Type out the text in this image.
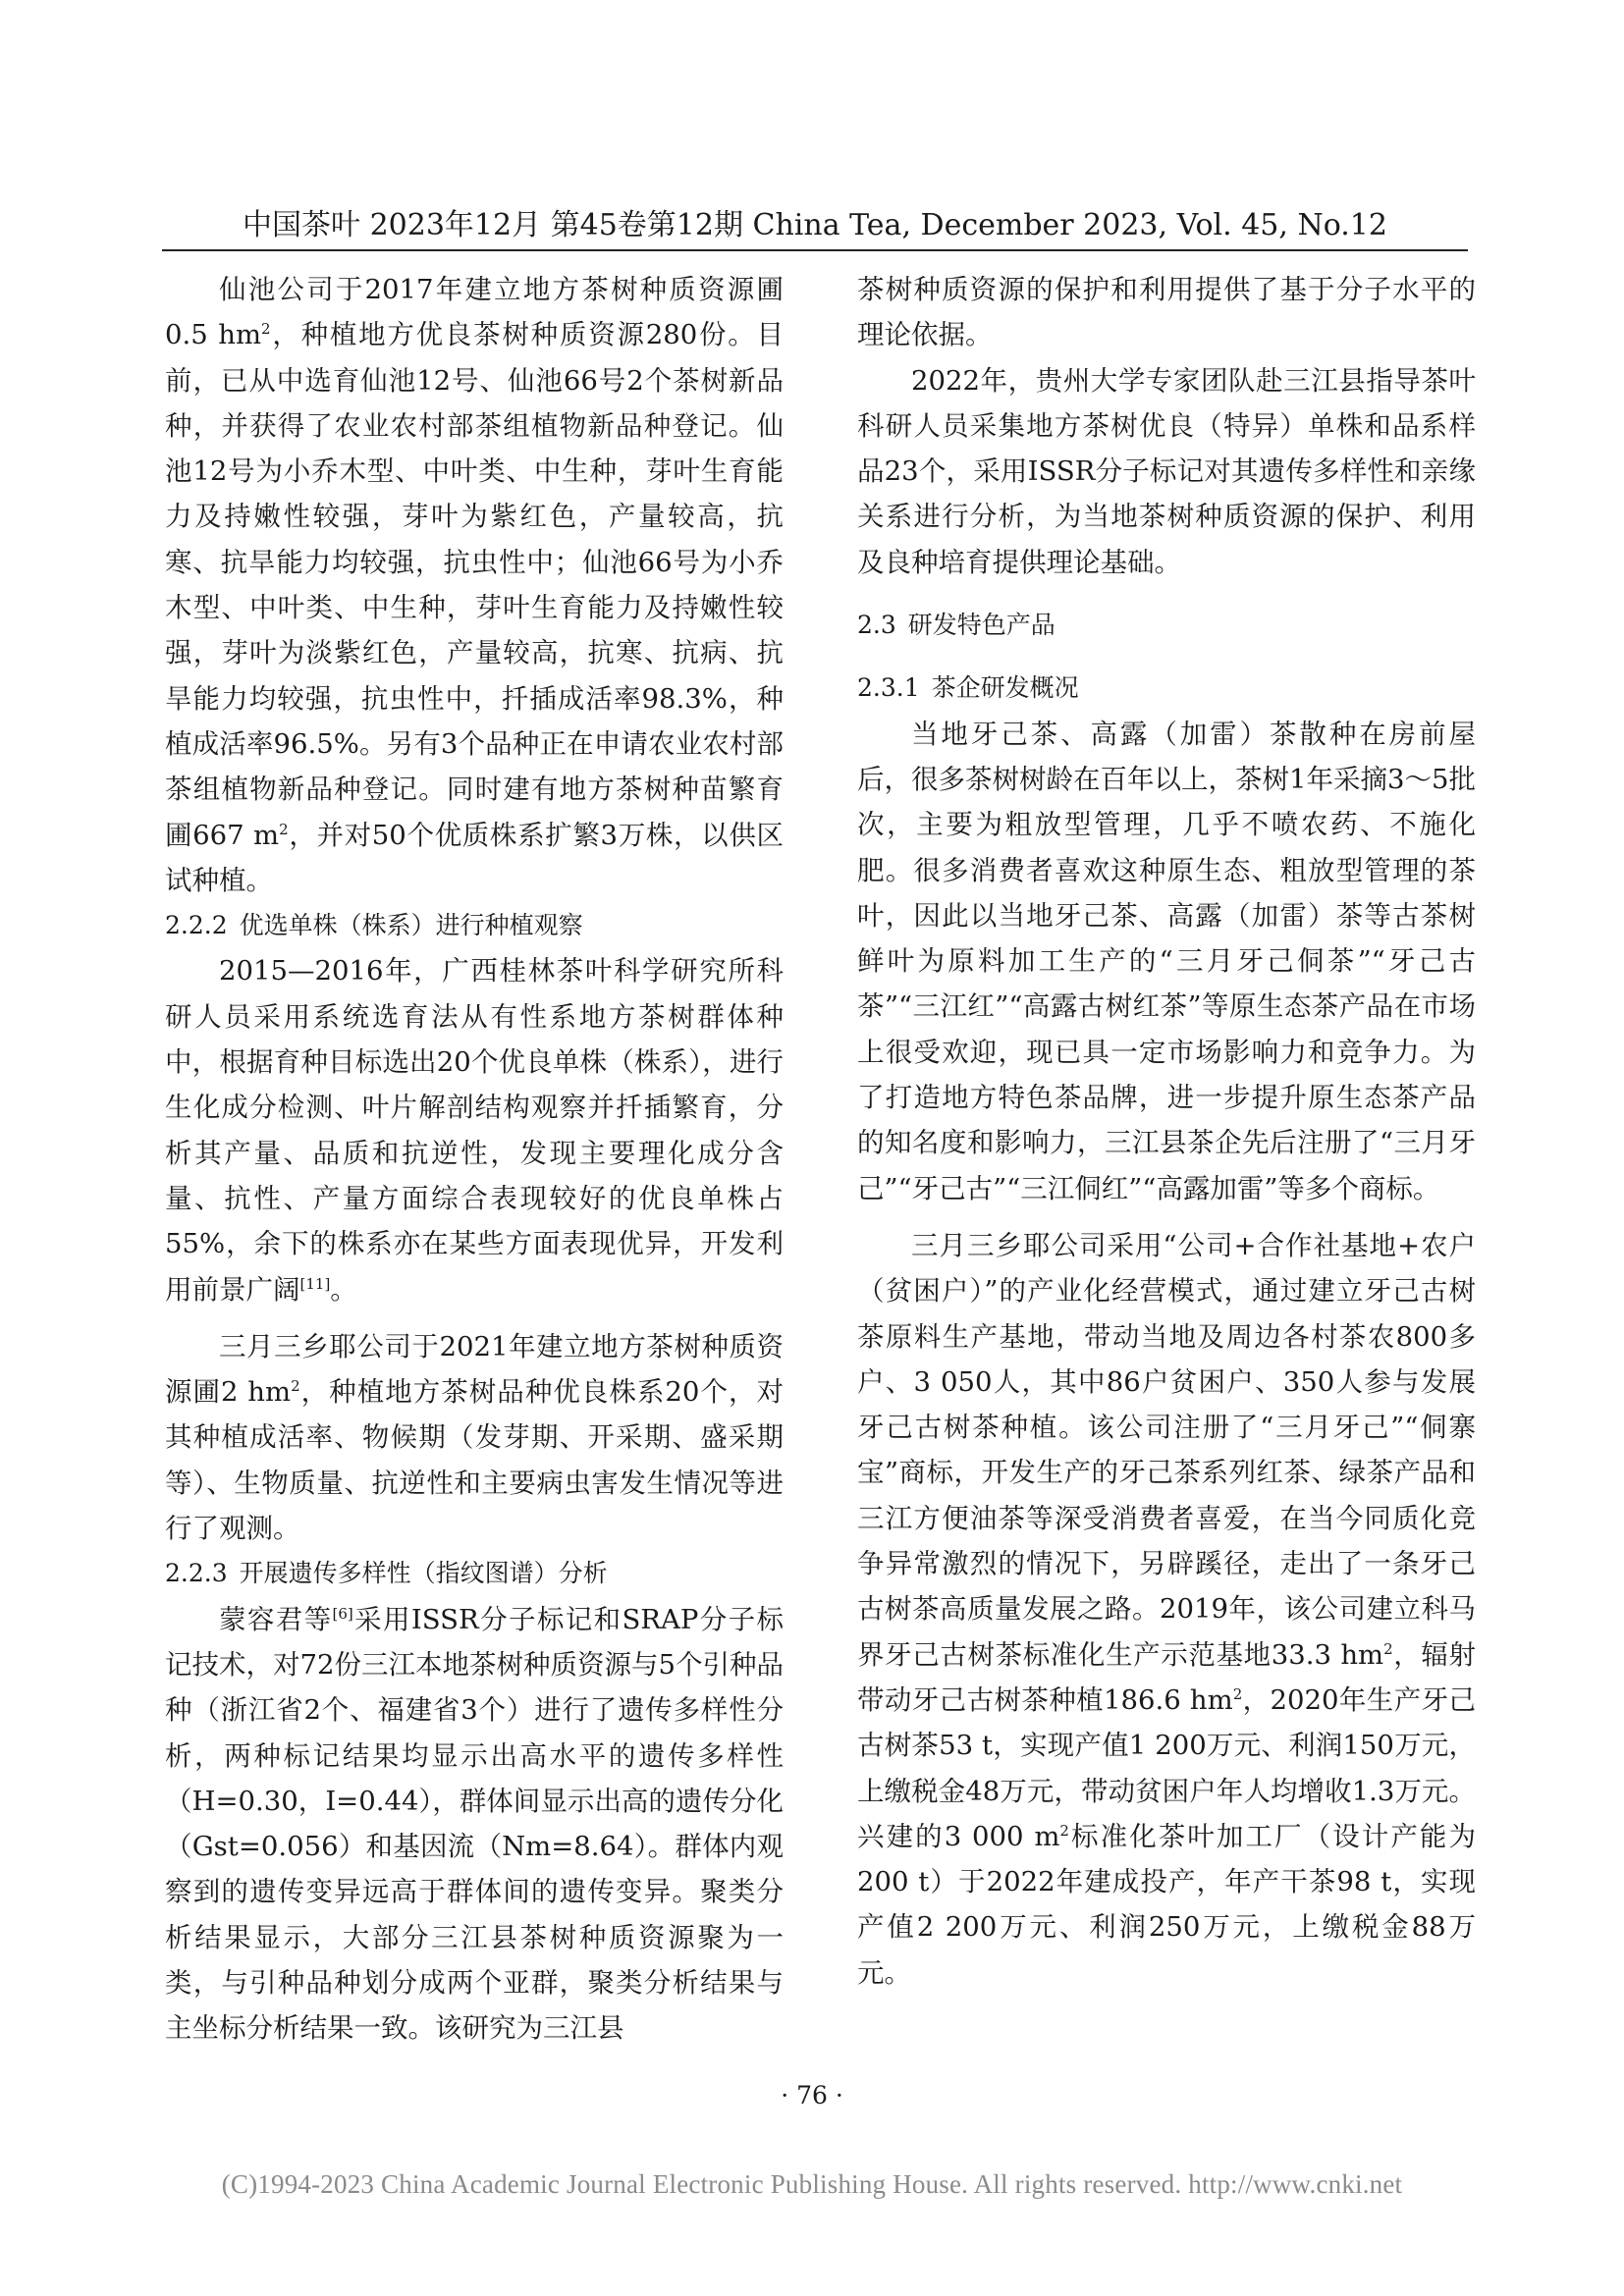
中国茶叶 2023年12月 第45卷第12期 China Tea, December 2023, Vol. 45, No.12

仙池公司于2017年建立地方茶树种质资源圃0.5 $hm^2$，种植地方优良茶树种质资源280份。目前，已从中选育仙池12号、仙池66号2个茶树新品种，并获得了农业农村部茶组植物新品种登记。仙池12号为小乔木型、中叶类、中生种，芽叶生育能力及持嫩性较强，芽叶为紫红色，产量较高，抗寒、抗旱能力均较强，抗虫性中；仙池66号为小乔木型、中叶类、中生种，芽叶生育能力及持嫩性较强，芽叶为淡紫红色，产量较高，抗寒、抗病、抗旱能力均较强，抗虫性中，扦插成活率98.3%，种植成活率96.5%。另有3个品种正在申请农业农村部茶组植物新品种登记。同时建有地方茶树种苗繁育圃667 $m^2$，并对50个优质株系扩繁3万株，以供区试种植。

2.2.2 优选单株（株系）进行种植观察

2015—2016年，广西桂林茶叶科学研究所科研人员采用系统选育法从有性系地方茶树群体种中，根据育种目标选出20个优良单株（株系），进行生化成分检测、叶片解剖结构观察并扦插繁育，分析其产量、品质和抗逆性，发现主要理化成分含量、抗性、产量方面综合表现较好的优良单株占55%，余下的株系亦在某些方面表现优异，开发利用前景广阔[11]。

三月三乡耶公司于2021年建立地方茶树种质资源圃2 $hm^2$，种植地方茶树品种优良株系20个，对其种植成活率、物候期（发芽期、开采期、盛采期等）、生物质量、抗逆性和主要病虫害发生情况等进行了观测。

2.2.3 开展遗传多样性（指纹图谱）分析

蒙容君等[6]采用ISSR分子标记和SRAP分子标记技术，对72份三江本地茶树种质资源与5个引种品种（浙江省2个、福建省3个）进行了遗传多样性分析，两种标记结果均显示出高水平的遗传多样性（H=0.30，I=0.44），群体间显示出高的遗传分化（Gst=0.056）和基因流（Nm=8.64）。群体内观察到的遗传变异远高于群体间的遗传变异。聚类分析结果显示，大部分三江县茶树种质资源聚为一类，与引种品种划分成两个亚群，聚类分析结果与主坐标分析结果一致。该研究为三江县

茶树种质资源的保护和利用提供了基于分子水平的理论依据。

2022年，贵州大学专家团队赴三江县指导茶叶科研人员采集地方茶树优良（特异）单株和品系样品23个，采用ISSR分子标记对其遗传多样性和亲缘关系进行分析，为当地茶树种质资源的保护、利用及良种培育提供理论基础。

2.3 研发特色产品
2.3.1 茶企研发概况

当地牙己茶、高露（加雷）茶散种在房前屋后，很多茶树树龄在百年以上，茶树1年采摘3～5批次，主要为粗放型管理，几乎不喷农药、不施化肥。很多消费者喜欢这种原生态、粗放型管理的茶叶，因此以当地牙己茶、高露（加雷）茶等古茶树鲜叶为原料加工生产的“三月牙己侗茶”“牙己古茶”“三江红”“高露古树红茶”等原生态茶产品在市场上很受欢迎，现已具一定市场影响力和竞争力。为了打造地方特色茶品牌，进一步提升原生态茶产品的知名度和影响力，三江县茶企先后注册了“三月牙己”“牙己古”“三江侗红”“高露加雷”等多个商标。

三月三乡耶公司采用“公司+合作社基地+农户（贫困户）”的产业化经营模式，通过建立牙己古树茶原料生产基地，带动当地及周边各村茶农800多户、3 050人，其中86户贫困户、350人参与发展牙己古树茶种植。该公司注册了“三月牙己”“侗寨宝”商标，开发生产的牙己茶系列红茶、绿茶产品和三江方便油茶等深受消费者喜爱，在当今同质化竞争异常激烈的情况下，另辟蹊径，走出了一条牙己古树茶高质量发展之路。2019年，该公司建立科马界牙己古树茶标准化生产示范基地33.3 $hm^2$，辐射带动牙己古树茶种植186.6 $hm^2$，2020年生产牙己古树茶53 t，实现产值1 200万元、利润150万元，上缴税金48万元，带动贫困户年人均增收1.3万元。兴建的3 000 $m^2$标准化茶叶加工厂（设计产能为200 t）于2022年建成投产，年产干茶98 t，实现产值2 200万元、利润250万元，上缴税金88万元。

· 76 ·
(C)1994-2023 China Academic Journal Electronic Publishing House. All rights reserved. http://www.cnki.net
